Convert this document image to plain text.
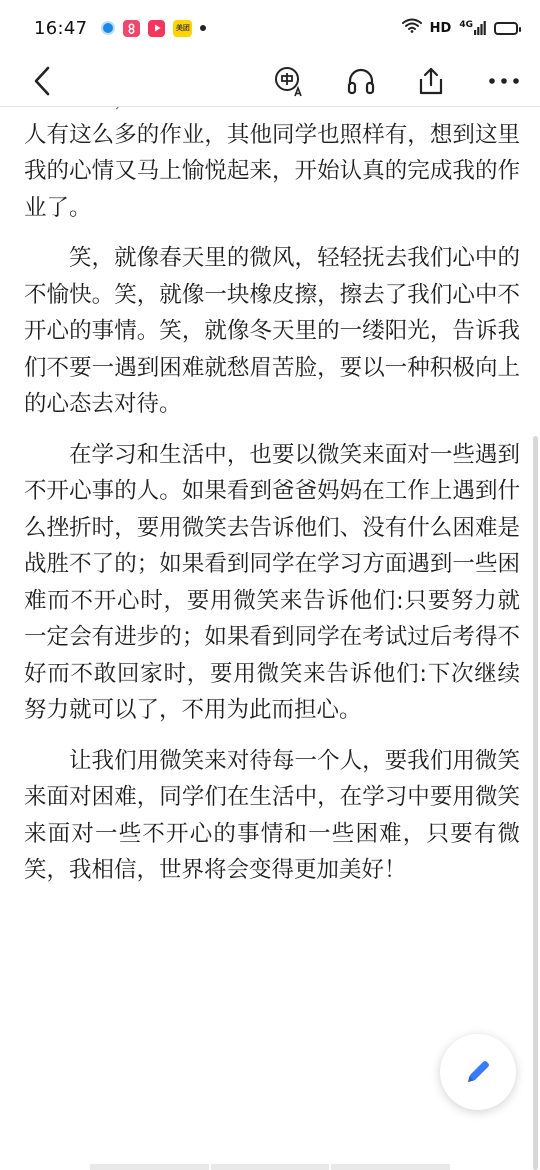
16:47	美团	HD 4G

人有这么多的作业，其他同学也照样有，想到这里我的心情又马上愉悦起来，开始认真的完成我的作业了。

笑，就像春天里的微风，轻轻抚去我们心中的不愉快。笑，就像一块橡皮擦，擦去了我们心中不开心的事情。笑，就像冬天里的一缕阳光，告诉我们不要一遇到困难就愁眉苦脸，要以一种积极向上的心态去对待。

在学习和生活中，也要以微笑来面对一些遇到不开心事的人。如果看到爸爸妈妈在工作上遇到什么挫折时，要用微笑去告诉他们、没有什么困难是战胜不了的；如果看到同学在学习方面遇到一些困难而不开心时，要用微笑来告诉他们:只要努力就一定会有进步的；如果看到同学在考试过后考得不好而不敢回家时，要用微笑来告诉他们:下次继续努力就可以了，不用为此而担心。

让我们用微笑来对待每一个人，要我们用微笑来面对困难，同学们在生活中，在学习中要用微笑来面对一些不开心的事情和一些困难，只要有微笑，我相信，世界将会变得更加美好！
